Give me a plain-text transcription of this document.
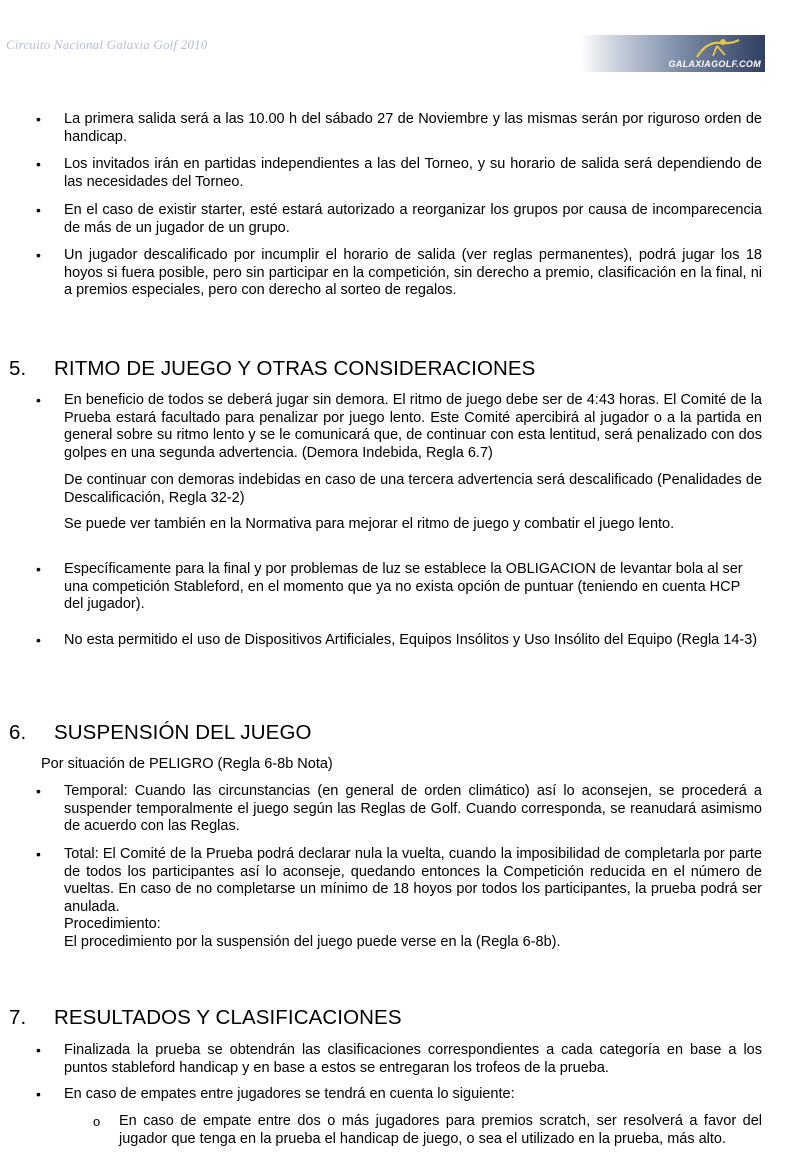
Circuito Nacional Galaxia Golf 2010
GALAXIAGOLF.COM
• La primera salida será a las 10.00 h del sábado 27 de Noviembre y las mismas serán por riguroso orden de handicap.

• Los invitados irán en partidas independientes a las del Torneo, y su horario de salida será dependiendo de las necesidades del Torneo.

• En el caso de existir starter, esté estará autorizado a reorganizar los grupos por causa de incomparecencia de más de un jugador de un grupo.

• Un jugador descalificado por incumplir el horario de salida (ver reglas permanentes), podrá jugar los 18 hoyos si fuera posible, pero sin participar en la competición, sin derecho a premio, clasificación en la final, ni a premios especiales, pero con derecho al sorteo de regalos.

5. RITMO DE JUEGO Y OTRAS CONSIDERACIONES
• En beneficio de todos se deberá jugar sin demora. El ritmo de juego debe ser de 4:43 horas. El Comité de la Prueba estará facultado para penalizar por juego lento. Este Comité apercibirá al jugador o a la partida en general sobre su ritmo lento y se le comunicará que, de continuar con esta lentitud, será penalizado con dos golpes en una segunda advertencia. (Demora Indebida, Regla 6.7)

De continuar con demoras indebidas en caso de una tercera advertencia será descalificado (Penalidades de Descalificación, Regla 32-2)

Se puede ver también en la Normativa para mejorar el ritmo de juego y combatir el juego lento.

• Específicamente para la final y por problemas de luz se establece la OBLIGACION de levantar bola al ser una competición Stableford, en el momento que ya no exista opción de puntuar (teniendo en cuenta HCP del jugador).

• No esta permitido el uso de Dispositivos Artificiales, Equipos Insólitos y Uso Insólito del Equipo (Regla 14-3)

6. SUSPENSIÓN DEL JUEGO

Por situación de PELIGRO (Regla 6-8b Nota)

• Temporal: Cuando las circunstancias (en general de orden climático) así lo aconsejen, se procederá a suspender temporalmente el juego según las Reglas de Golf. Cuando corresponda, se reanudará asimismo de acuerdo con las Reglas.

• Total: El Comité de la Prueba podrá declarar nula la vuelta, cuando la imposibilidad de completarla por parte de todos los participantes así lo aconseje, quedando entonces la Competición reducida en el número de vueltas. En caso de no completarse un mínimo de 18 hoyos por todos los participantes, la prueba podrá ser anulada.

Procedimiento:

El procedimiento por la suspensión del juego puede verse en la (Regla 6-8b).

7. RESULTADOS Y CLASIFICACIONES
• Finalizada la prueba se obtendrán las clasificaciones correspondientes a cada categoría en base a los puntos stableford handicap y en base a estos se entregaran los trofeos de la prueba.

• En caso de empates entre jugadores se tendrá en cuenta lo siguiente:

o En caso de empate entre dos o más jugadores para premios scratch, ser resolverá a favor del jugador que tenga en la prueba el handicap de juego, o sea el utilizado en la prueba, más alto.
